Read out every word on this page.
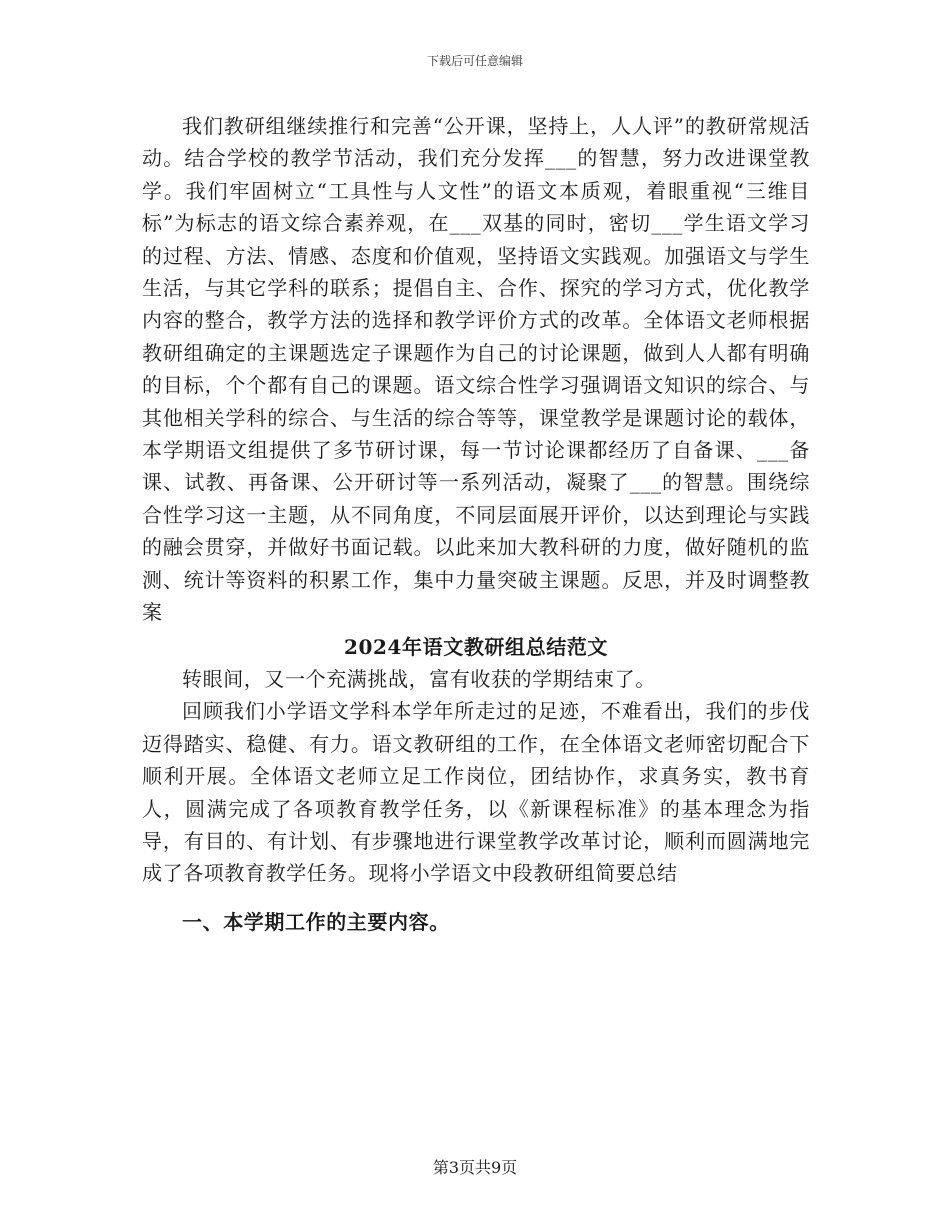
下载后可任意编辑

我们教研组继续推行和完善“公开课，坚持上，人人评”的教研常规活动。结合学校的教学节活动，我们充分发挥___的智慧，努力改进课堂教学。我们牢固树立“工具性与人文性”的语文本质观，着眼重视“三维目标”为标志的语文综合素养观，在___双基的同时，密切___学生语文学习的过程、方法、情感、态度和价值观，坚持语文实践观。加强语文与学生生活，与其它学科的联系；提倡自主、合作、探究的学习方式，优化教学内容的整合，教学方法的选择和教学评价方式的改革。全体语文老师根据教研组确定的主课题选定子课题作为自己的讨论课题，做到人人都有明确的目标，个个都有自己的课题。语文综合性学习强调语文知识的综合、与其他相关学科的综合、与生活的综合等等，课堂教学是课题讨论的载体，本学期语文组提供了多节研讨课，每一节讨论课都经历了自备课、___备课、试教、再备课、公开研讨等一系列活动，凝聚了___的智慧。围绕综合性学习这一主题，从不同角度，不同层面展开评价，以达到理论与实践的融会贯穿，并做好书面记载。以此来加大教科研的力度，做好随机的监测、统计等资料的积累工作，集中力量突破主课题。反思，并及时调整教案

2024年语文教研组总结范文

转眼间，又一个充满挑战，富有收获的学期结束了。

回顾我们小学语文学科本学年所走过的足迹，不难看出，我们的步伐迈得踏实、稳健、有力。语文教研组的工作，在全体语文老师密切配合下顺利开展。全体语文老师立足工作岗位，团结协作，求真务实，教书育人，圆满完成了各项教育教学任务，以《新课程标准》的基本理念为指导，有目的、有计划、有步骤地进行课堂教学改革讨论，顺利而圆满地完成了各项教育教学任务。现将小学语文中段教研组简要总结

一、本学期工作的主要内容。
第3页共9页
